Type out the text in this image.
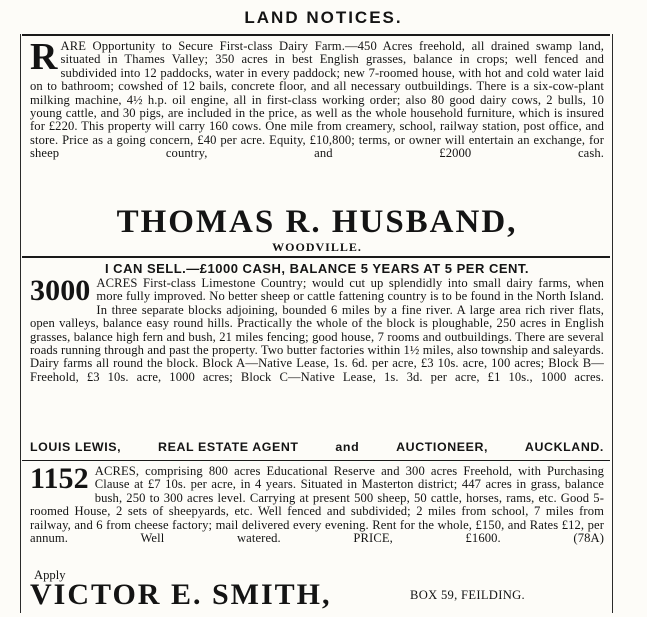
LAND NOTICES.
RARE Opportunity to Secure First-class Dairy Farm.—450 Acres freehold, all drained swamp land, situated in Thames Valley; 350 acres in best English grasses, balance in crops; well fenced and subdivided into 12 paddocks, water in every paddock; new 7-roomed house, with hot and cold water laid on to bathroom; cowshed of 12 bails, concrete floor, and all necessary outbuildings. There is a six-cow-plant milking machine, 4½ h.p. oil engine, all in first-class working order; also 80 good dairy cows, 2 bulls, 10 young cattle, and 30 pigs, are included in the price, as well as the whole household furniture, which is insured for £220. This property will carry 160 cows. One mile from creamery, school, railway station, post office, and store. Price as a going concern, £40 per acre. Equity, £10,800; terms, or owner will entertain an exchange, for sheep country, and £2000 cash.
THOMAS R. HUSBAND,
WOODVILLE.
I CAN SELL.—£1000 CASH, BALANCE 5 YEARS AT 5 PER CENT.
3000 ACRES First-class Limestone Country; would cut up splendidly into small dairy farms, when more fully improved. No better sheep or cattle fattening country is to be found in the North Island. In three separate blocks adjoining, bounded 6 miles by a fine river. A large area rich river flats, open valleys, balance easy round hills. Practically the whole of the block is ploughable, 250 acres in English grasses, balance high fern and bush, 21 miles fencing; good house, 7 rooms and outbuildings. There are several roads running through and past the property. Two butter factories within 1½ miles, also township and saleyards. Dairy farms all round the block. Block A—Native Lease, 1s. 6d. per acre, £3 10s. acre, 100 acres; Block B—Freehold, £3 10s. acre, 1000 acres; Block C—Native Lease, 1s. 3d. per acre, £1 10s., 1000 acres.
LOUIS LEWIS,	REAL ESTATE AGENT	and	AUCTIONEER,	AUCKLAND.
1152 ACRES, comprising 800 acres Educational Reserve and 300 acres Freehold, with Purchasing Clause at £7 10s. per acre, in 4 years. Situated in Masterton district; 447 acres in grass, balance bush, 250 to 300 acres level. Carrying at present 500 sheep, 50 cattle, horses, rams, etc. Good 5-roomed House, 2 sets of sheepyards, etc. Well fenced and subdivided; 2 miles from school, 7 miles from railway, and 6 from cheese factory; mail delivered every evening. Rent for the whole, £150, and Rates £12, per annum. Well watered. PRICE, £1600. (78A)
Apply
VICTOR E. SMITH,	BOX 59, FEILDING.
